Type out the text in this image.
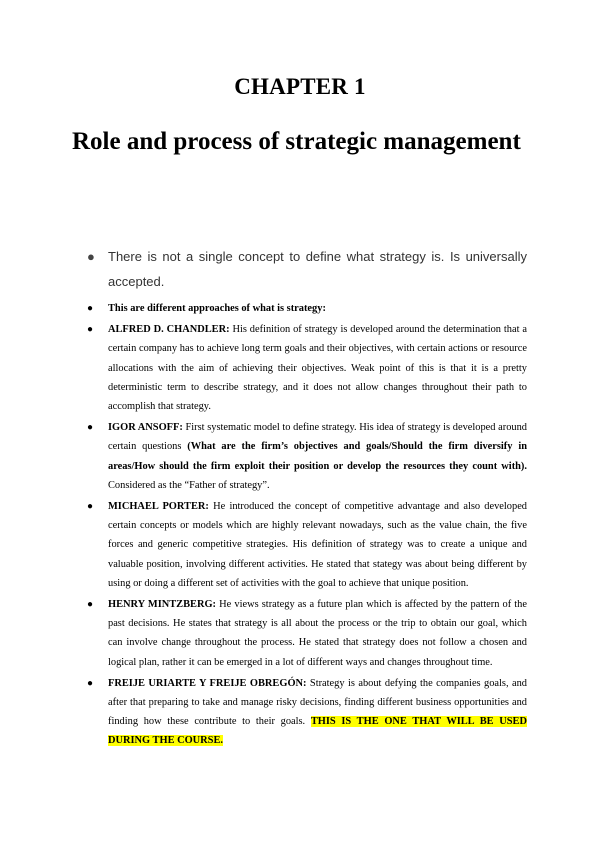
CHAPTER 1
Role and process of strategic management
● There is not a single concept to define what strategy is. Is universally accepted.
● This are different approaches of what is strategy:
● ALFRED D. CHANDLER: His definition of strategy is developed around the determination that a certain company has to achieve long term goals and their objectives, with certain actions or resource allocations with the aim of achieving their objectives. Weak point of this is that it is a pretty deterministic term to describe strategy, and it does not allow changes throughout their path to accomplish that strategy.
● IGOR ANSOFF: First systematic model to define strategy. His idea of strategy is developed around certain questions (What are the firm’s objectives and goals/Should the firm diversify in areas/How should the firm exploit their position or develop the resources they count with). Considered as the “Father of strategy”.
● MICHAEL PORTER: He introduced the concept of competitive advantage and also developed certain concepts or models which are highly relevant nowadays, such as the value chain, the five forces and generic competitive strategies. His definition of strategy was to create a unique and valuable position, involving different activities. He stated that stategy was about being different by using or doing a different set of activities with the goal to achieve that unique position.
● HENRY MINTZBERG: He views strategy as a future plan which is affected by the pattern of the past decisions. He states that strategy is all about the process or the trip to obtain our goal, which can involve change throughout the process. He stated that strategy does not follow a chosen and logical plan, rather it can be emerged in a lot of different ways and changes throughout time.
● FREIJE URIARTE Y FREIJE OBREGÓN: Strategy is about defying the companies goals, and after that preparing to take and manage risky decisions, finding different business opportunities and finding how these contribute to their goals. THIS IS THE ONE THAT WILL BE USED DURING THE COURSE.
